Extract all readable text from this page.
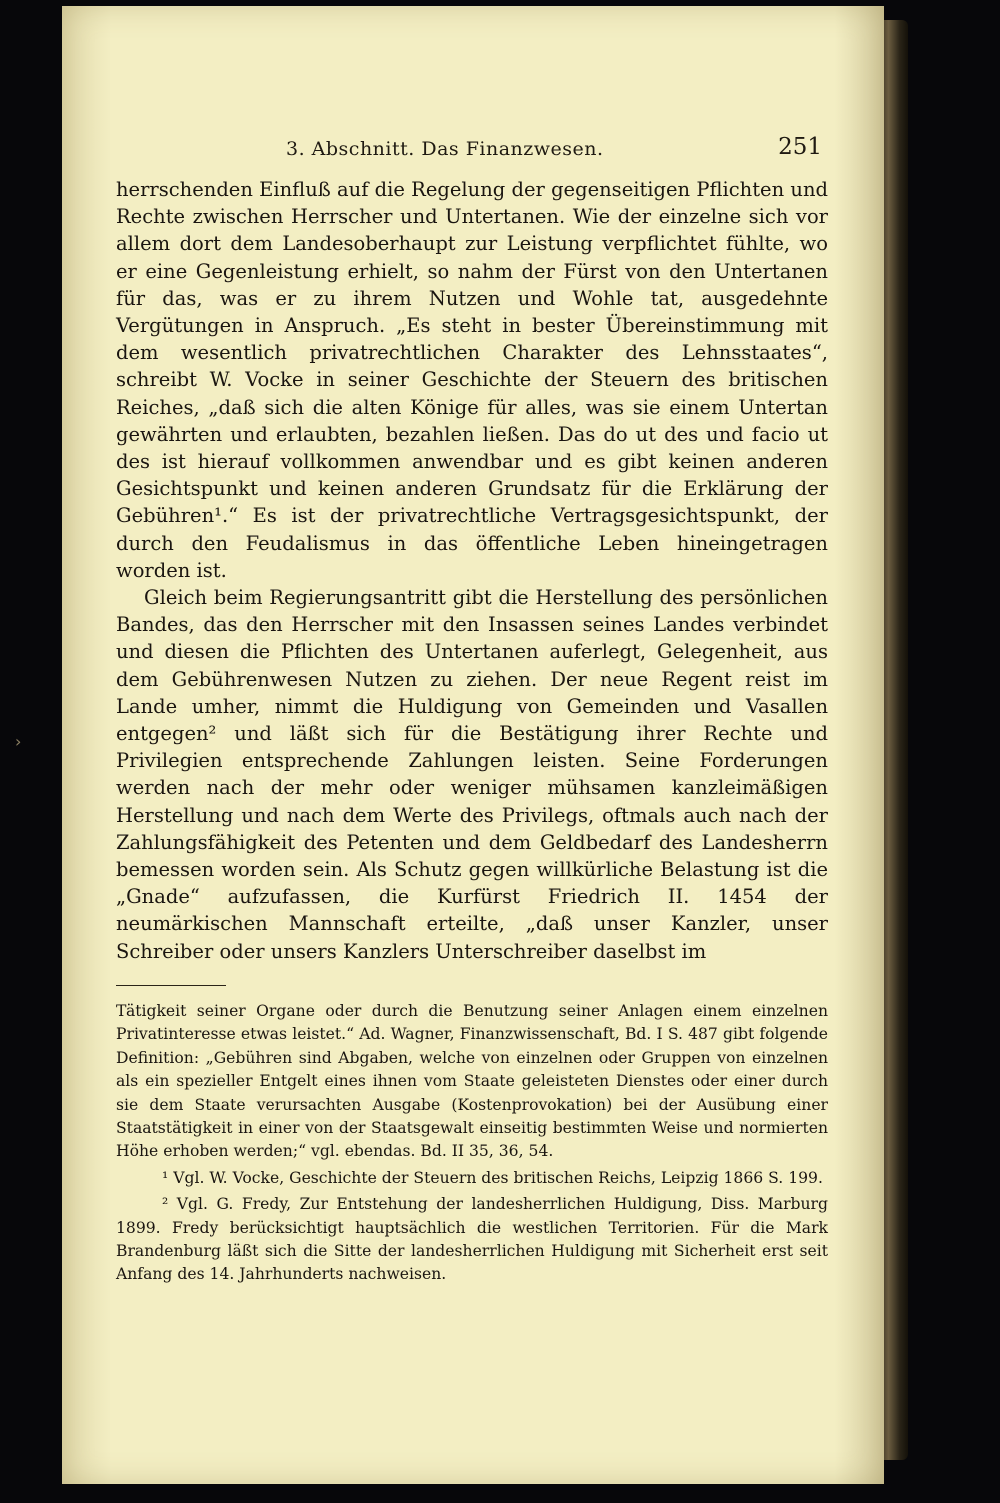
3. Abschnitt. Das Finanzwesen.	251

herrschenden Einfluß auf die Regelung der gegenseitigen Pflichten und Rechte zwischen Herrscher und Untertanen. Wie der einzelne sich vor allem dort dem Landesoberhaupt zur Leistung verpflichtet fühlte, wo er eine Gegenleistung erhielt, so nahm der Fürst von den Untertanen für das, was er zu ihrem Nutzen und Wohle tat, ausgedehnte Vergütungen in Anspruch. „Es steht in bester Übereinstimmung mit dem wesentlich privatrechtlichen Charakter des Lehnsstaates“, schreibt W. Vocke in seiner Geschichte der Steuern des britischen Reiches, „daß sich die alten Könige für alles, was sie einem Untertan gewährten und erlaubten, bezahlen ließen. Das do ut des und facio ut des ist hierauf vollkommen anwendbar und es gibt keinen anderen Gesichtspunkt und keinen anderen Grundsatz für die Erklärung der Gebühren¹.“ Es ist der privatrechtliche Vertragsgesichtspunkt, der durch den Feudalismus in das öffentliche Leben hineingetragen worden ist.

Gleich beim Regierungsantritt gibt die Herstellung des persönlichen Bandes, das den Herrscher mit den Insassen seines Landes verbindet und diesen die Pflichten des Untertanen auferlegt, Gelegenheit, aus dem Gebührenwesen Nutzen zu ziehen. Der neue Regent reist im Lande umher, nimmt die Huldigung von Gemeinden und Vasallen entgegen² und läßt sich für die Bestätigung ihrer Rechte und Privilegien entsprechende Zahlungen leisten. Seine Forderungen werden nach der mehr oder weniger mühsamen kanzleimäßigen Herstellung und nach dem Werte des Privilegs, oftmals auch nach der Zahlungsfähigkeit des Petenten und dem Geldbedarf des Landesherrn bemessen worden sein. Als Schutz gegen willkürliche Belastung ist die „Gnade“ aufzufassen, die Kurfürst Friedrich II. 1454 der neumärkischen Mannschaft erteilte, „daß unser Kanzler, unser Schreiber oder unsers Kanzlers Unterschreiber daselbst im

Tätigkeit seiner Organe oder durch die Benutzung seiner Anlagen einem einzelnen Privatinteresse etwas leistet.“ Ad. Wagner, Finanzwissenschaft, Bd. I S. 487 gibt folgende Definition: „Gebühren sind Abgaben, welche von einzelnen oder Gruppen von einzelnen als ein spezieller Entgelt eines ihnen vom Staate geleisteten Dienstes oder einer durch sie dem Staate verursachten Ausgabe (Kostenprovokation) bei der Ausübung einer Staatstätigkeit in einer von der Staatsgewalt einseitig bestimmten Weise und normierten Höhe erhoben werden;“ vgl. ebendas. Bd. II 35, 36, 54.

¹ Vgl. W. Vocke, Geschichte der Steuern des britischen Reichs, Leipzig 1866 S. 199.

² Vgl. G. Fredy, Zur Entstehung der landesherrlichen Huldigung, Diss. Marburg 1899. Fredy berücksichtigt hauptsächlich die westlichen Territorien. Für die Mark Brandenburg läßt sich die Sitte der landesherrlichen Huldigung mit Sicherheit erst seit Anfang des 14. Jahrhunderts nachweisen.

›
